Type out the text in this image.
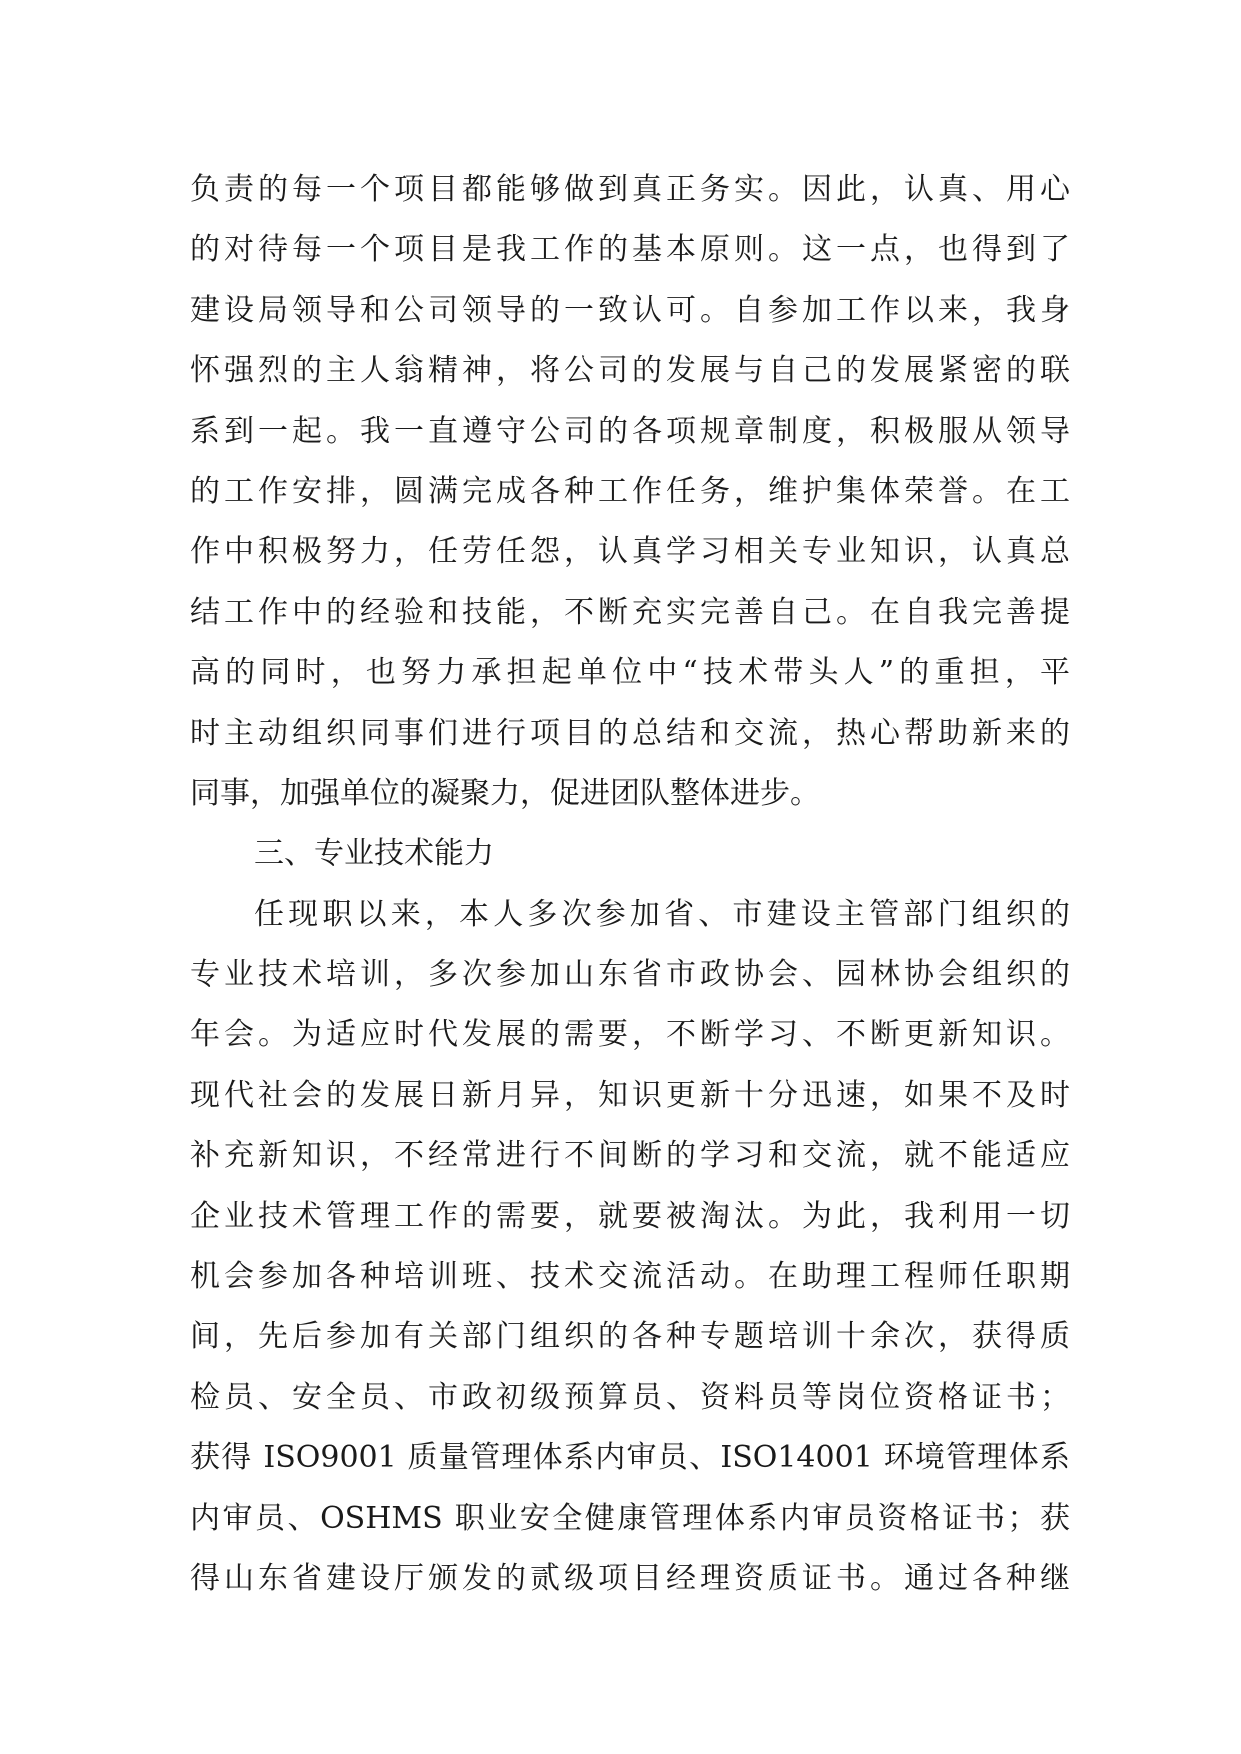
负责的每一个项目都能够做到真正务实。因此，认真、用心
的对待每一个项目是我工作的基本原则。这一点，也得到了
建设局领导和公司领导的一致认可。自参加工作以来，我身
怀强烈的主人翁精神，将公司的发展与自己的发展紧密的联
系到一起。我一直遵守公司的各项规章制度，积极服从领导
的工作安排，圆满完成各种工作任务，维护集体荣誉。在工
作中积极努力，任劳任怨，认真学习相关专业知识，认真总
结工作中的经验和技能，不断充实完善自己。在自我完善提
高的同时，也努力承担起单位中“技术带头人”的重担，平
时主动组织同事们进行项目的总结和交流，热心帮助新来的
同事，加强单位的凝聚力，促进团队整体进步。
三、专业技术能力
任现职以来，本人多次参加省、市建设主管部门组织的
专业技术培训，多次参加山东省市政协会、园林协会组织的
年会。为适应时代发展的需要，不断学习、不断更新知识。
现代社会的发展日新月异，知识更新十分迅速，如果不及时
补充新知识，不经常进行不间断的学习和交流，就不能适应
企业技术管理工作的需要，就要被淘汰。为此，我利用一切
机会参加各种培训班、技术交流活动。在助理工程师任职期
间，先后参加有关部门组织的各种专题培训十余次，获得质
检员、安全员、市政初级预算员、资料员等岗位资格证书；
获得 ISO9001 质量管理体系内审员、ISO14001 环境管理体系
内审员、OSHMS 职业安全健康管理体系内审员资格证书；获
得山东省建设厅颁发的贰级项目经理资质证书。通过各种继
